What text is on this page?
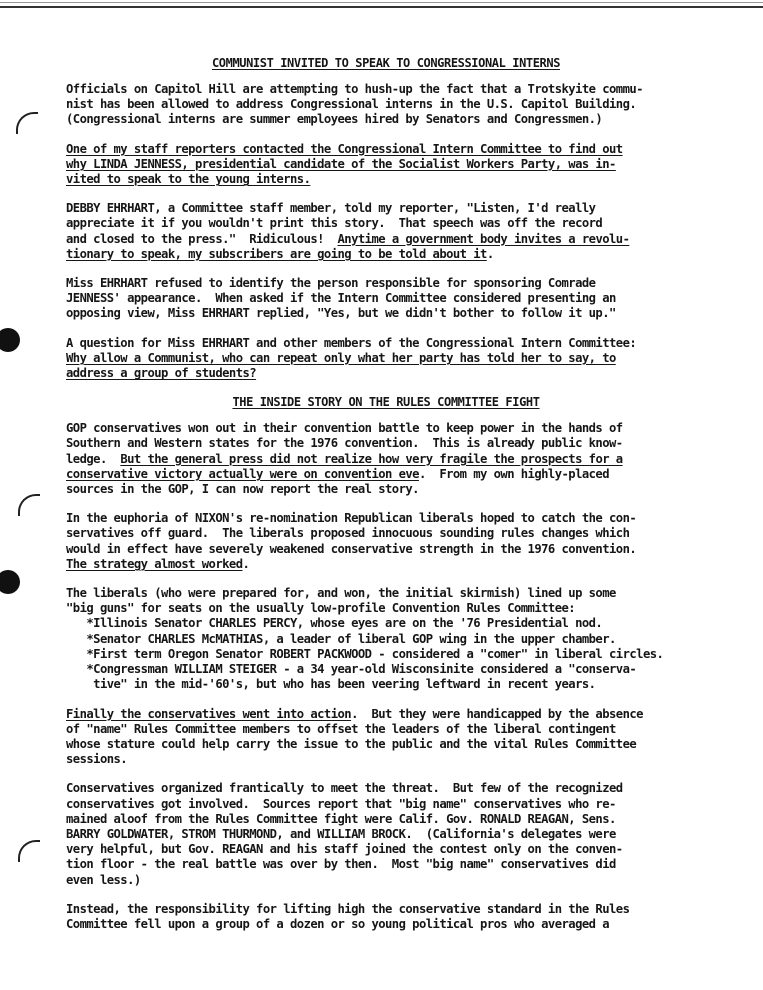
COMMUNIST INVITED TO SPEAK TO CONGRESSIONAL INTERNS
Officials on Capitol Hill are attempting to hush-up the fact that a Trotskyite commu-
nist has been allowed to address Congressional interns in the U.S. Capitol Building.
(Congressional interns are summer employees hired by Senators and Congressmen.)
One of my staff reporters contacted the Congressional Intern Committee to find out
why LINDA JENNESS, presidential candidate of the Socialist Workers Party, was in-
vited to speak to the young interns.
DEBBY EHRHART, a Committee staff member, told my reporter, "Listen, I'd really
appreciate it if you wouldn't print this story.  That speech was off the record
and closed to the press."  Ridiculous!  Anytime a government body invites a revolu-
tionary to speak, my subscribers are going to be told about it.
Miss EHRHART refused to identify the person responsible for sponsoring Comrade
JENNESS' appearance.  When asked if the Intern Committee considered presenting an
opposing view, Miss EHRHART replied, "Yes, but we didn't bother to follow it up."
A question for Miss EHRHART and other members of the Congressional Intern Committee:
Why allow a Communist, who can repeat only what her party has told her to say, to
address a group of students?
THE INSIDE STORY ON THE RULES COMMITTEE FIGHT
GOP conservatives won out in their convention battle to keep power in the hands of
Southern and Western states for the 1976 convention.  This is already public know-
ledge.  But the general press did not realize how very fragile the prospects for a
conservative victory actually were on convention eve.  From my own highly-placed
sources in the GOP, I can now report the real story.
In the euphoria of NIXON's re-nomination Republican liberals hoped to catch the con-
servatives off guard.  The liberals proposed innocuous sounding rules changes which
would in effect have severely weakened conservative strength in the 1976 convention.
The strategy almost worked.
The liberals (who were prepared for, and won, the initial skirmish) lined up some
"big guns" for seats on the usually low-profile Convention Rules Committee:
*Illinois Senator CHARLES PERCY, whose eyes are on the '76 Presidential nod.
*Senator CHARLES McMATHIAS, a leader of liberal GOP wing in the upper chamber.
*First term Oregon Senator ROBERT PACKWOOD - considered a "comer" in liberal circles.
*Congressman WILLIAM STEIGER - a 34 year-old Wisconsinite considered a "conserva-
tive" in the mid-'60's, but who has been veering leftward in recent years.
Finally the conservatives went into action.  But they were handicapped by the absence
of "name" Rules Committee members to offset the leaders of the liberal contingent
whose stature could help carry the issue to the public and the vital Rules Committee
sessions.
Conservatives organized frantically to meet the threat.  But few of the recognized
conservatives got involved.  Sources report that "big name" conservatives who re-
mained aloof from the Rules Committee fight were Calif. Gov. RONALD REAGAN, Sens.
BARRY GOLDWATER, STROM THURMOND, and WILLIAM BROCK.  (California's delegates were
very helpful, but Gov. REAGAN and his staff joined the contest only on the conven-
tion floor - the real battle was over by then.  Most "big name" conservatives did
even less.)
Instead, the responsibility for lifting high the conservative standard in the Rules
Committee fell upon a group of a dozen or so young political pros who averaged a
